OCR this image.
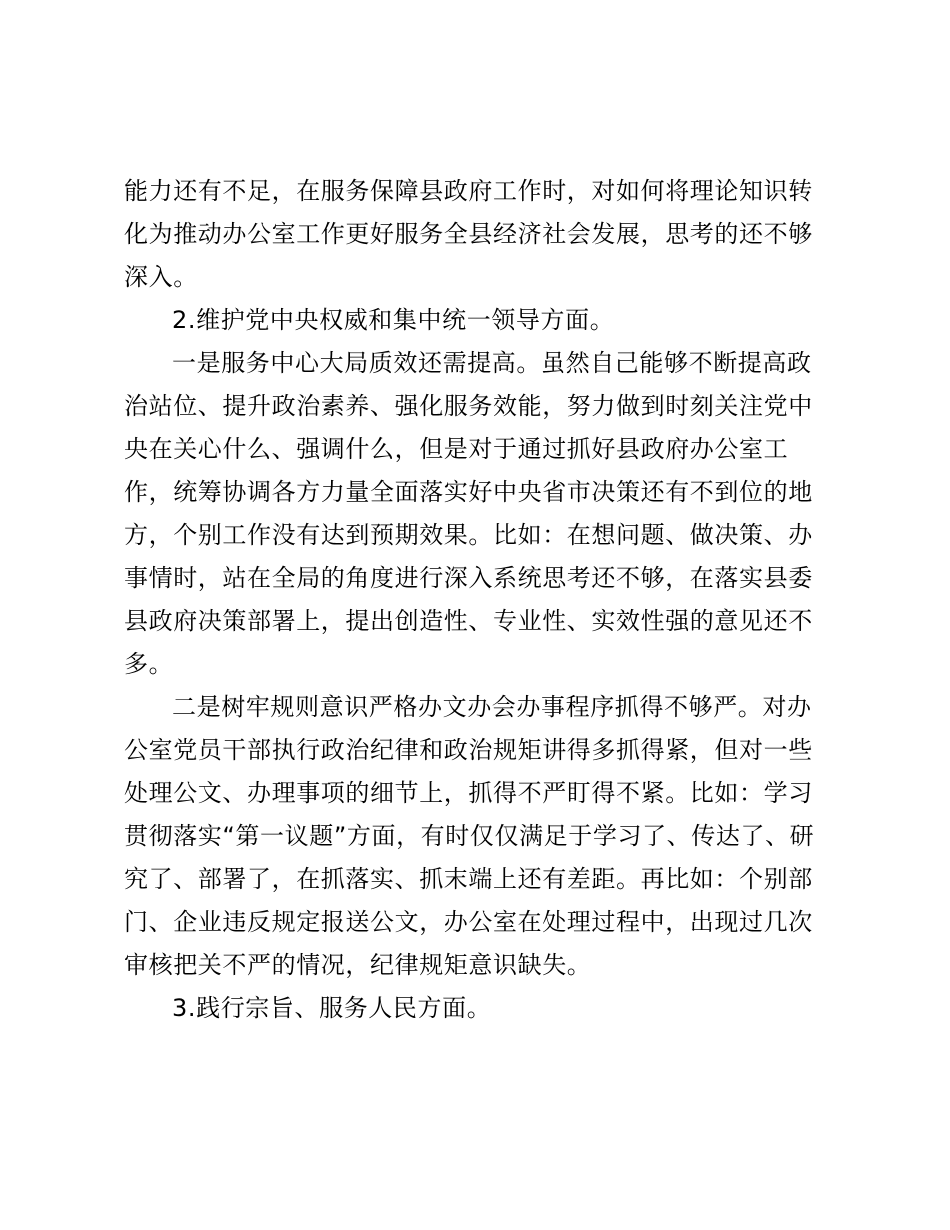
能力还有不足，在服务保障县政府工作时，对如何将理论知识转
化为推动办公室工作更好服务全县经济社会发展，思考的还不够
深入。
2.维护党中央权威和集中统一领导方面。
一是服务中心大局质效还需提高。虽然自己能够不断提高政
治站位、提升政治素养、强化服务效能，努力做到时刻关注党中
央在关心什么、强调什么，但是对于通过抓好县政府办公室工
作，统筹协调各方力量全面落实好中央省市决策还有不到位的地
方，个别工作没有达到预期效果。比如：在想问题、做决策、办
事情时，站在全局的角度进行深入系统思考还不够，在落实县委
县政府决策部署上，提出创造性、专业性、实效性强的意见还不
多。
二是树牢规则意识严格办文办会办事程序抓得不够严。对办
公室党员干部执行政治纪律和政治规矩讲得多抓得紧，但对一些
处理公文、办理事项的细节上，抓得不严盯得不紧。比如：学习
贯彻落实“第一议题”方面，有时仅仅满足于学习了、传达了、研
究了、部署了，在抓落实、抓末端上还有差距。再比如：个别部
门、企业违反规定报送公文，办公室在处理过程中，出现过几次
审核把关不严的情况，纪律规矩意识缺失。
3.践行宗旨、服务人民方面。
